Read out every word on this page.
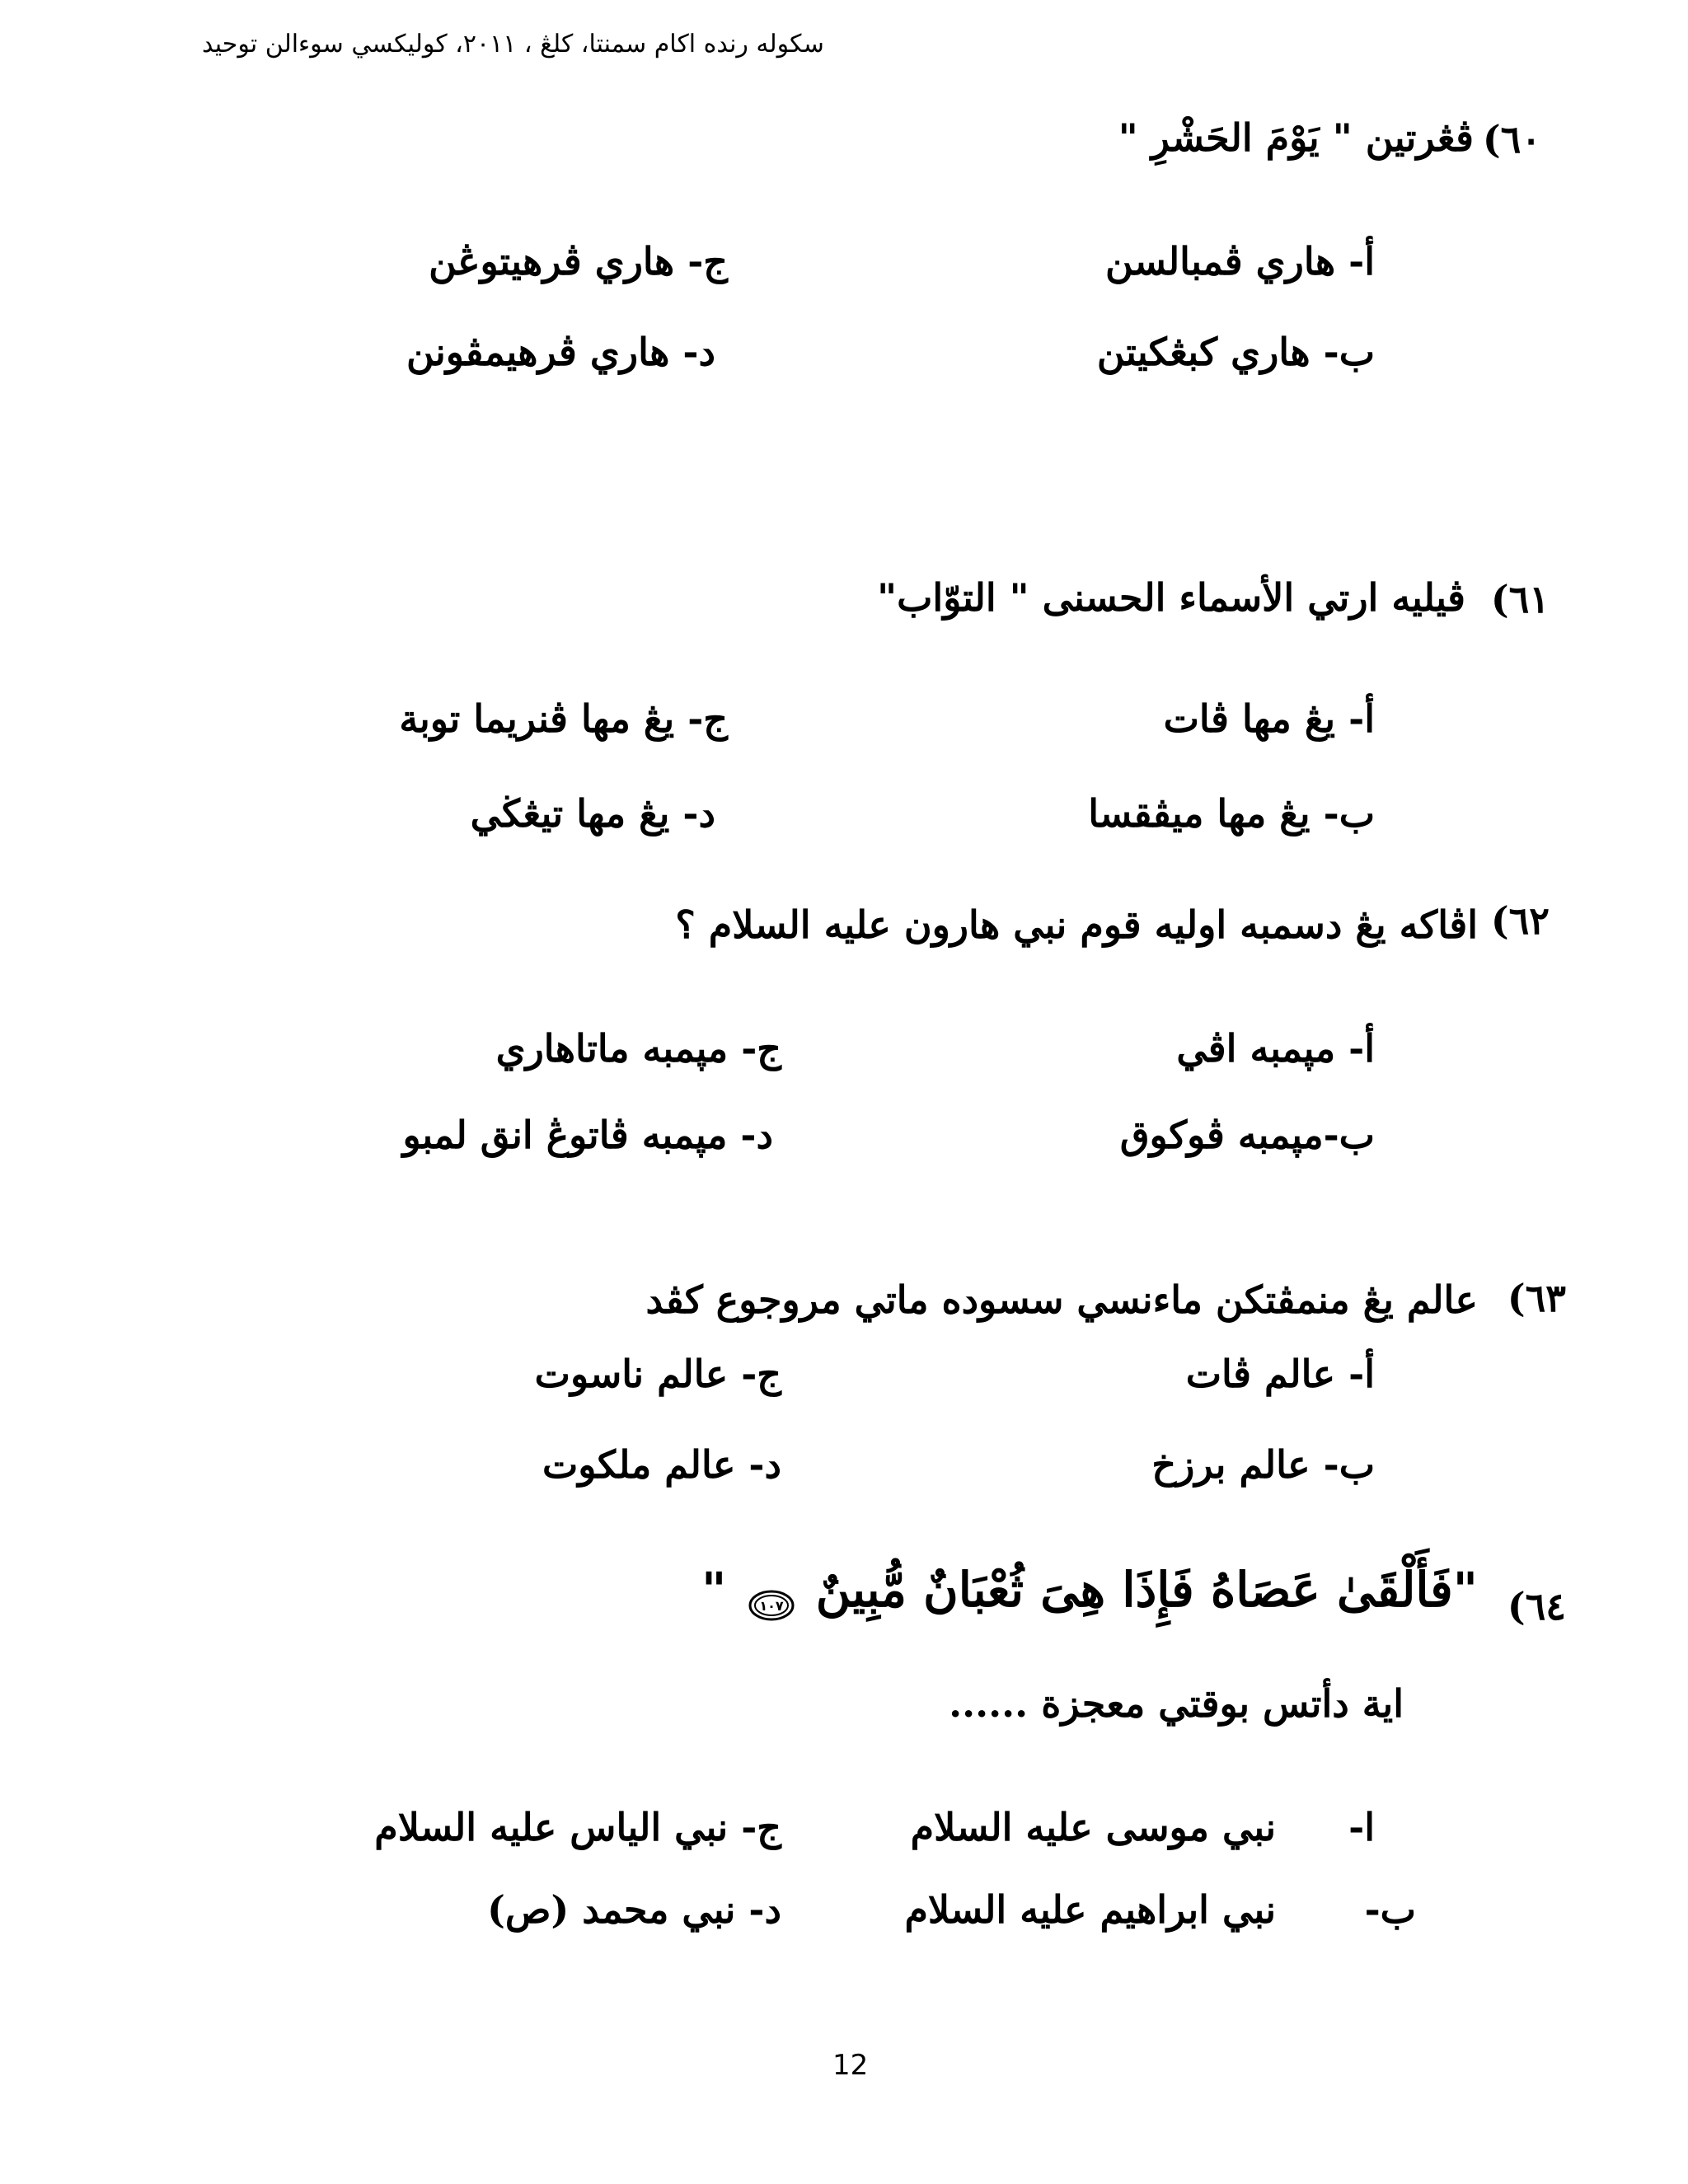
سكوله رنده اكام سمنتا، كلڠ ، ٢٠١١، كوليكسي سوءالن توحيد
٦٠)
ڤڠرتين " يَوْمَ الحَشْرِ "
أ- هاري ڤمبالسن
ج- هاري ڤرهيتوڠن
ب- هاري كبڠكيتن
د- هاري ڤرهيمڤونن
٦١)
ڤيليه ارتي الأسماء الحسنى " التوّاب"
أ- يڠ مها ڤات
ج- يڠ مها ڤنريما توبة
ب- يڠ مها ميڤقسا
د- يڠ مها تيڠڬي
٦٢)
اڤاكه يڠ دسمبه اوليه قوم نبي هارون عليه السلام ؟
أ- مپمبه اڤي
ج- مپمبه ماتاهاري
ب-مپمبه ڤوكوق
د- مپمبه ڤاتوڠ انق لمبو
٦٣)
عالم يڠ منمڤتكن ماءنسي سسوده ماتي مروجوع كڤد
أ- عالم ڤات
ج- عالم ناسوت
ب- عالم برزخ
د- عالم ملكوت
٦٤)
"فَأَلْقَىٰ عَصَاهُ فَإِذَا هِىَ ثُعْبَانٌ مُّبِينٌ
١٠٧
"
اية دأتس بوقتي معجزة ......
ا-
نبي موسى عليه السلام
ج- نبي الياس عليه السلام
ب-
نبي ابراهيم عليه السلام
د- نبي محمد (ص)
12
